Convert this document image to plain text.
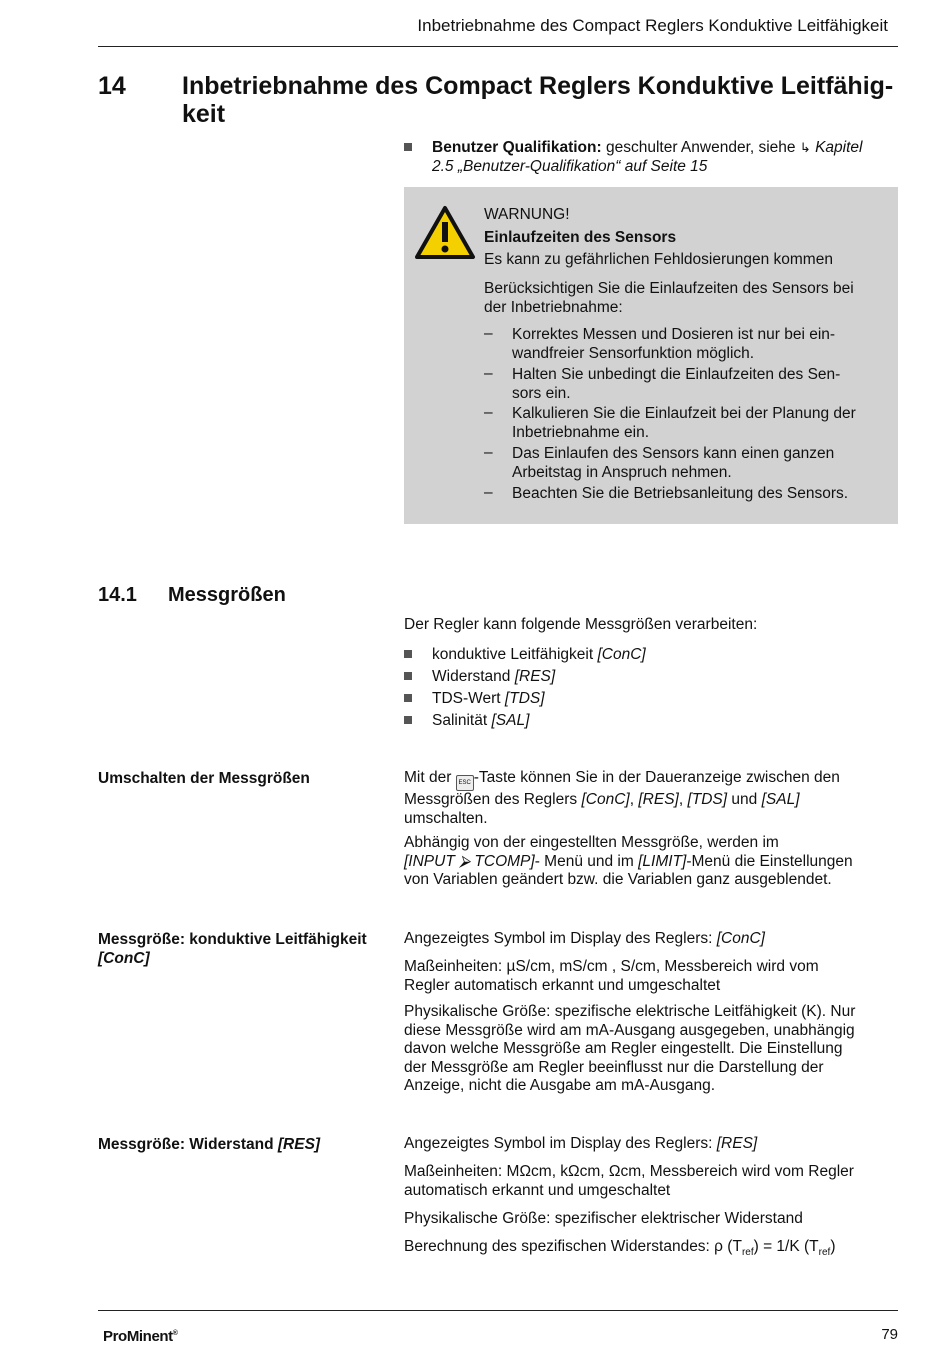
Inbetriebnahme des Compact Reglers Konduktive Leitfähigkeit
14 Inbetriebnahme des Compact Reglers Konduktive Leitfähig-
keit
Benutzer Qualifikation: geschulter Anwender, siehe ↳ Kapitel
2.5 „Benutzer-Qualifikation“ auf Seite 15
WARNUNG!
Einlaufzeiten des Sensors
Es kann zu gefährlichen Fehldosierungen kommen
Berücksichtigen Sie die Einlaufzeiten des Sensors bei
der Inbetriebnahme:
– Korrektes Messen und Dosieren ist nur bei ein-
wandfreier Sensorfunktion möglich.
– Halten Sie unbedingt die Einlaufzeiten des Sen-
sors ein.
– Kalkulieren Sie die Einlaufzeit bei der Planung der
Inbetriebnahme ein.
– Das Einlaufen des Sensors kann einen ganzen
Arbeitstag in Anspruch nehmen.
– Beachten Sie die Betriebsanleitung des Sensors.
14.1 Messgrößen
Der Regler kann folgende Messgrößen verarbeiten:
konduktive Leitfähigkeit [ConC]
Widerstand [RES]
TDS-Wert [TDS]
Salinität [SAL]
Umschalten der Messgrößen	Mit der ESC -Taste können Sie in der Daueranzeige zwischen den
Messgrößen des Reglers [ConC], [RES], [TDS] und [SAL]
umschalten.
Abhängig von der eingestellten Messgröße, werden im
[INPUT ⮚ TCOMP]- Menü und im [LIMIT]-Menü die Einstellungen
von Variablen geändert bzw. die Variablen ganz ausgeblendet.
Messgröße: konduktive Leitfähigkeit
[ConC]
Angezeigtes Symbol im Display des Reglers: [ConC]
Maßeinheiten: µS/cm, mS/cm , S/cm, Messbereich wird vom
Regler automatisch erkannt und umgeschaltet
Physikalische Größe: spezifische elektrische Leitfähigkeit (Κ). Nur
diese Messgröße wird am mA-Ausgang ausgegeben, unabhängig
davon welche Messgröße am Regler eingestellt. Die Einstellung
der Messgröße am Regler beeinflusst nur die Darstellung der
Anzeige, nicht die Ausgabe am mA-Ausgang.
Messgröße: Widerstand [RES]	Angezeigtes Symbol im Display des Reglers: [RES]
Maßeinheiten: MΩcm, kΩcm, Ωcm, Messbereich wird vom Regler
automatisch erkannt und umgeschaltet
Physikalische Größe: spezifischer elektrischer Widerstand
Berechnung des spezifischen Widerstandes: ρ $(T_{ref}) = 1/K$ $(T_{ref})$
ProMinent®	79
